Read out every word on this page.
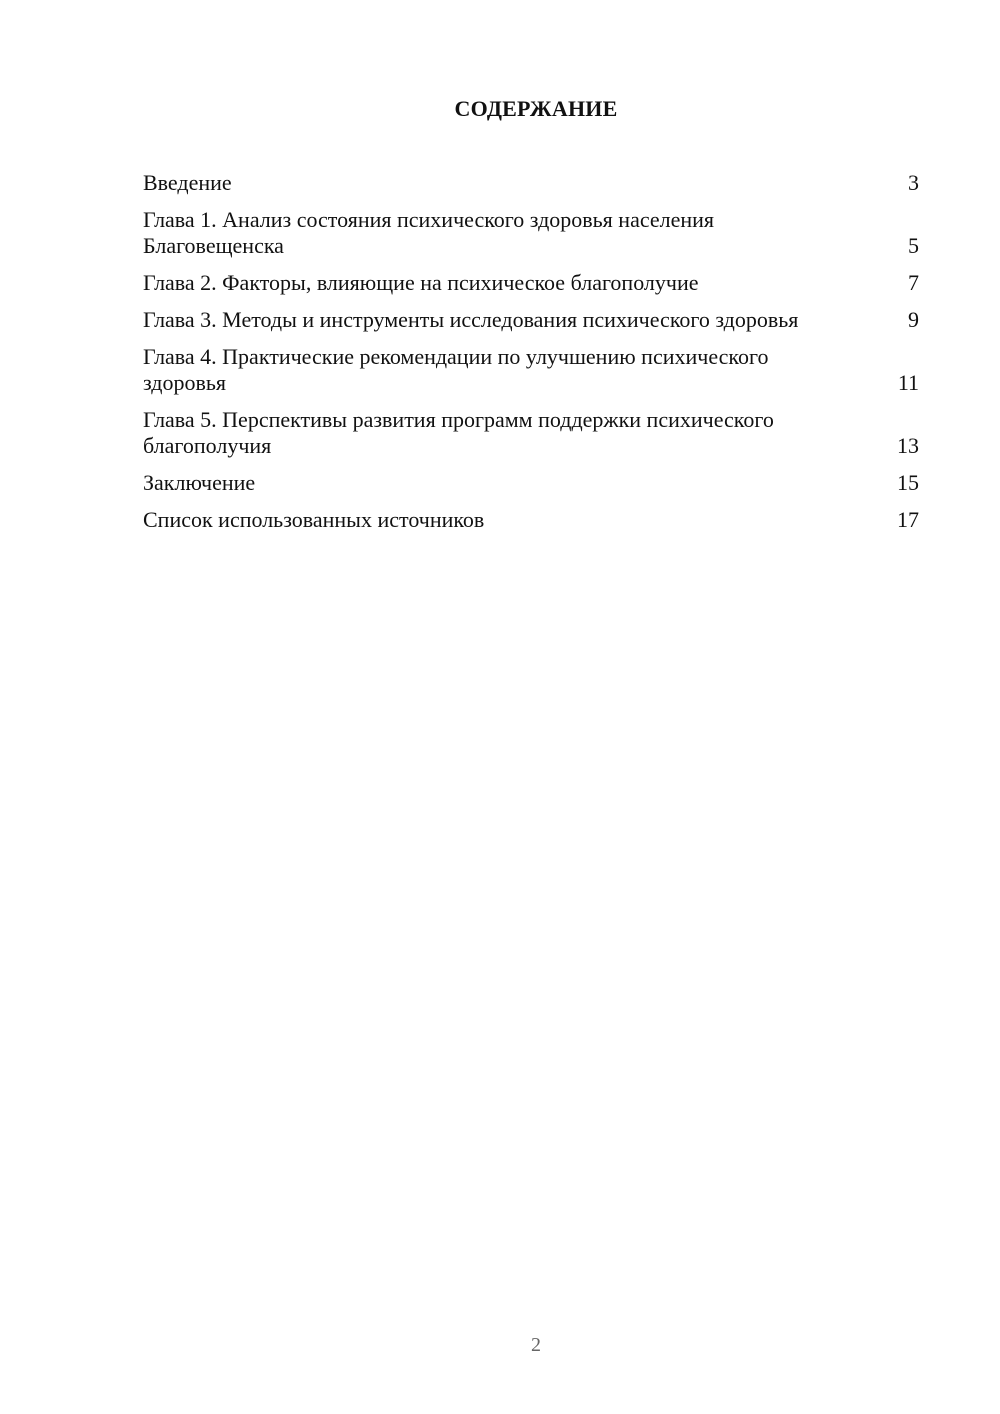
СОДЕРЖАНИЕ
Введение	3
Глава 1. Анализ состояния психического здоровья населения Благовещенска	5
Глава 2. Факторы, влияющие на психическое благополучие	7
Глава 3. Методы и инструменты исследования психического здоровья	9
Глава 4. Практические рекомендации по улучшению психического здоровья	11
Глава 5. Перспективы развития программ поддержки психического благополучия	13
Заключение	15
Список использованных источников	17
2
